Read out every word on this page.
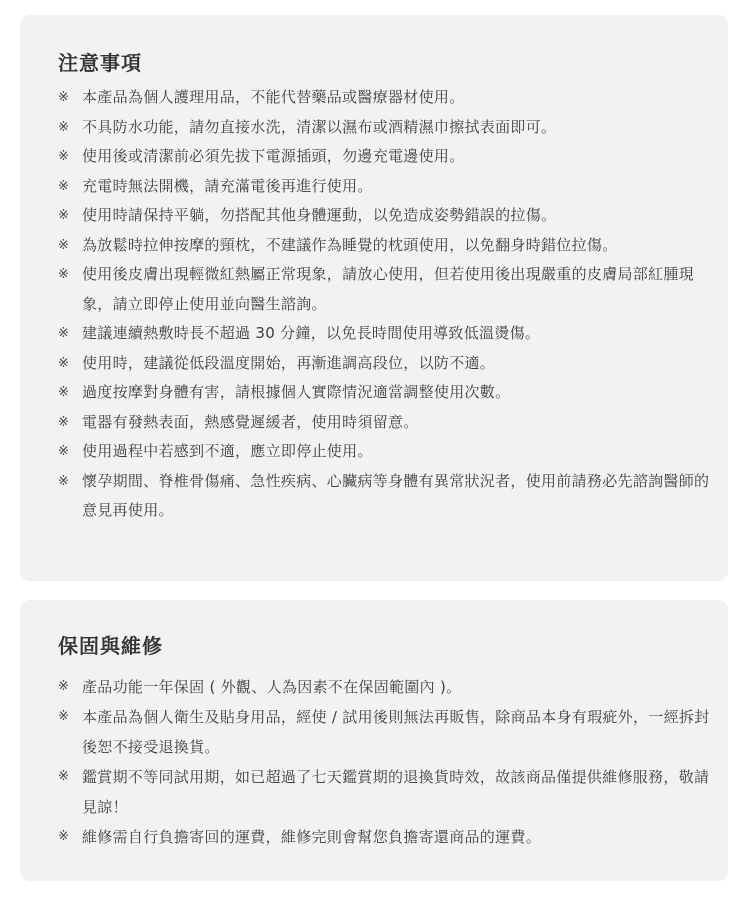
注意事項
※ 本產品為個人護理用品，不能代替藥品或醫療器材使用。
※ 不具防水功能，請勿直接水洗，清潔以濕布或酒精濕巾擦拭表面即可。
※ 使用後或清潔前必須先拔下電源插頭，勿邊充電邊使用。
※ 充電時無法開機，請充滿電後再進行使用。
※ 使用時請保持平躺，勿搭配其他身體運動，以免造成姿勢錯誤的拉傷。
※ 為放鬆時拉伸按摩的頸枕，不建議作為睡覺的枕頭使用，以免翻身時錯位拉傷。
※ 使用後皮膚出現輕微紅熱屬正常現象，請放心使用，但若使用後出現嚴重的皮膚局部紅腫現象，請立即停止使用並向醫生諮詢。
※ 建議連續熱敷時長不超過 30 分鐘，以免長時間使用導致低溫燙傷。
※ 使用時，建議從低段溫度開始，再漸進調高段位，以防不適。
※ 過度按摩對身體有害，請根據個人實際情況適當調整使用次數。
※ 電器有發熱表面，熱感覺遲緩者，使用時須留意。
※ 使用過程中若感到不適，應立即停止使用。
※ 懷孕期間、脊椎骨傷痛、急性疾病、心臟病等身體有異常狀況者，使用前請務必先諮詢醫師的意見再使用。
保固與維修
※ 產品功能一年保固 ( 外觀、人為因素不在保固範圍內 )。
※ 本產品為個人衛生及貼身用品，經使 / 試用後則無法再販售，除商品本身有瑕疵外，一經拆封後恕不接受退換貨。
※ 鑑賞期不等同試用期，如已超過了七天鑑賞期的退換貨時效，故該商品僅提供維修服務，敬請見諒！
※ 維修需自行負擔寄回的運費，維修完則會幫您負擔寄還商品的運費。
